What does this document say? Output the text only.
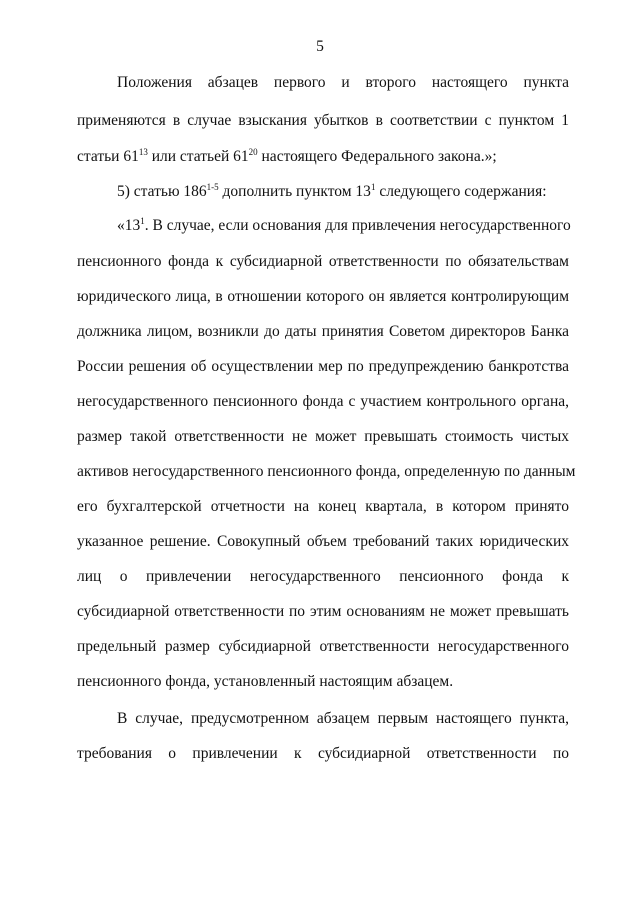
5
Положения абзацев первого и второго настоящего пункта
применяются в случае взыскания убытков в соответствии с пунктом 1
статьи $61^{13}$ или статьей $61^{20}$ настоящего Федерального закона.»;
5) статью 186$^{1-5}$ дополнить пунктом $13^1$ следующего содержания:
«$13^1$. В случае, если основания для привлечения негосударственного
пенсионного фонда к субсидиарной ответственности по обязательствам
юридического лица, в отношении которого он является контролирующим
должника лицом, возникли до даты принятия Советом директоров Банка
России решения об осуществлении мер по предупреждению банкротства
негосударственного пенсионного фонда с участием контрольного органа,
размер такой ответственности не может превышать стоимость чистых
активов негосударственного пенсионного фонда, определенную по данным
его бухгалтерской отчетности на конец квартала, в котором принято
указанное решение. Совокупный объем требований таких юридических
лиц о привлечении негосударственного пенсионного фонда к
субсидиарной ответственности по этим основаниям не может превышать
предельный размер субсидиарной ответственности негосударственного
пенсионного фонда, установленный настоящим абзацем.
В случае, предусмотренном абзацем первым настоящего пункта,
требования о привлечении к субсидиарной ответственности по
